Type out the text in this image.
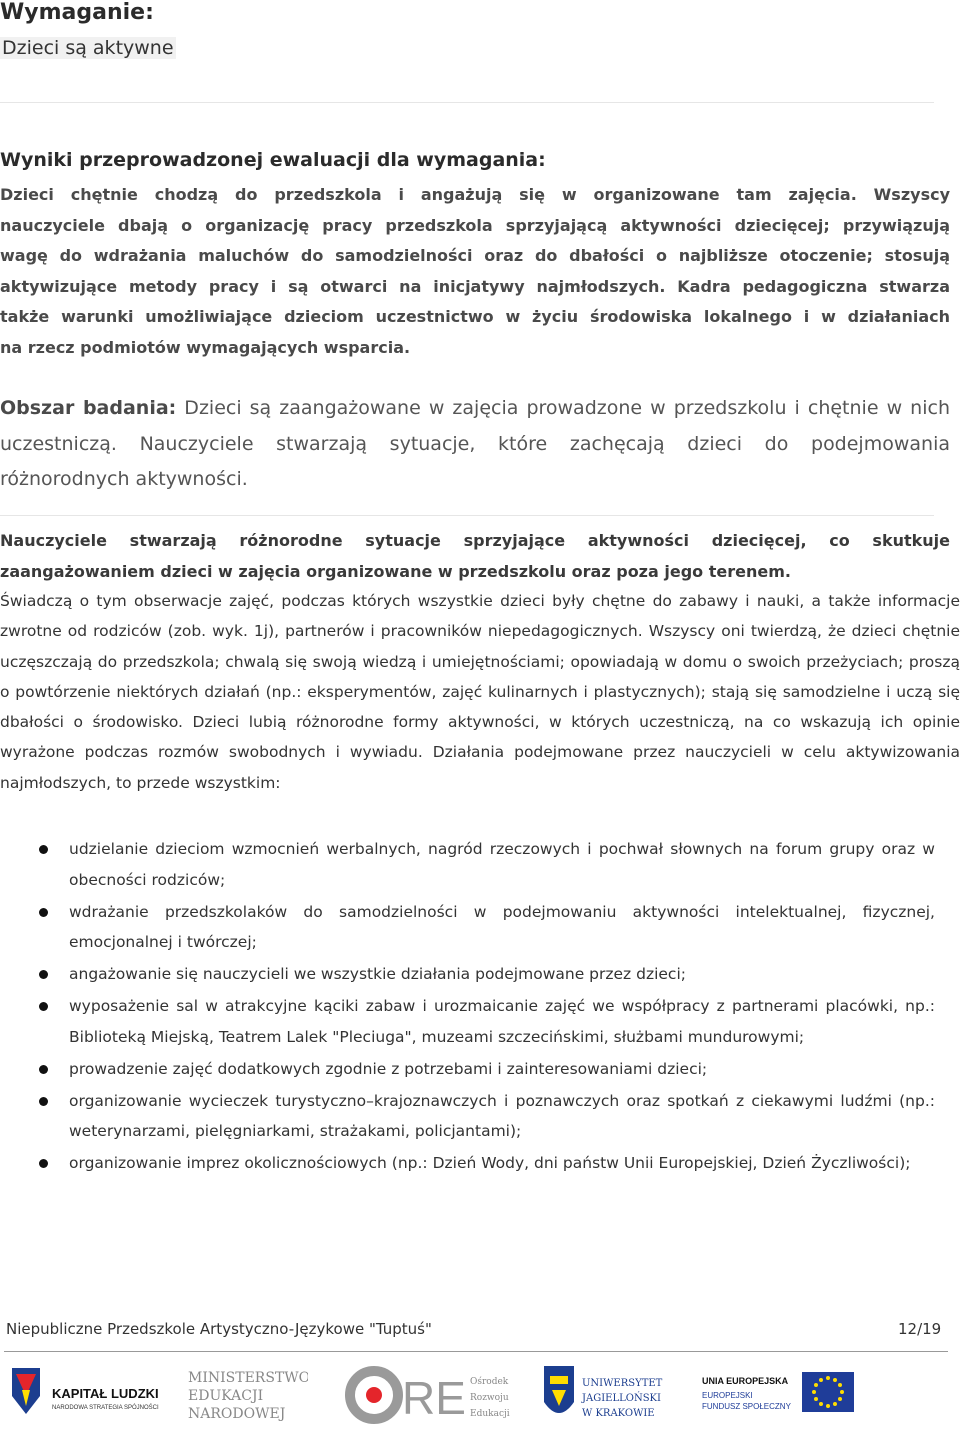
Wymaganie:
Dzieci są aktywne
Wyniki przeprowadzonej ewaluacji dla wymagania:
Dzieci chętnie chodzą do przedszkola i angażują się w organizowane tam zajęcia. Wszyscy
nauczyciele dbają o organizację pracy przedszkola sprzyjającą aktywności dziecięcej; przywiązują
wagę do wdrażania maluchów do samodzielności oraz do dbałości o najbliższe otoczenie; stosują
aktywizujące metody pracy i są otwarci na inicjatywy najmłodszych. Kadra pedagogiczna stwarza
także warunki umożliwiające dzieciom uczestnictwo w życiu środowiska lokalnego i w działaniach
na rzecz podmiotów wymagających wsparcia.
Obszar badania: Dzieci są zaangażowane w zajęcia prowadzone w przedszkolu i chętnie w nich uczestniczą. Nauczyciele stwarzają sytuacje, które zachęcają dzieci do podejmowania różnorodnych aktywności.
Nauczyciele stwarzają różnorodne sytuacje sprzyjające aktywności dziecięcej, co skutkuje zaangażowaniem dzieci w zajęcia organizowane w przedszkolu oraz poza jego terenem.
Świadczą o tym obserwacje zajęć, podczas których wszystkie dzieci były chętne do zabawy i nauki, a także informacje zwrotne od rodziców (zob. wyk. 1j), partnerów i pracowników niepedagogicznych. Wszyscy oni twierdzą, że dzieci chętnie uczęszczają do przedszkola; chwalą się swoją wiedzą i umiejętnościami; opowiadają w domu o swoich przeżyciach; proszą o powtórzenie niektórych działań (np.: eksperymentów, zajęć kulinarnych i plastycznych); stają się samodzielne i uczą się dbałości o środowisko. Dzieci lubią różnorodne formy aktywności, w których uczestniczą, na co wskazują ich opinie wyrażone podczas rozmów swobodnych i wywiadu. Działania podejmowane przez nauczycieli w celu aktywizowania najmłodszych, to przede wszystkim:
udzielanie dzieciom wzmocnień werbalnych, nagród rzeczowych i pochwał słownych na forum grupy oraz w obecności rodziców;
wdrażanie przedszkolaków do samodzielności w podejmowaniu aktywności intelektualnej, fizycznej, emocjonalnej i twórczej;
angażowanie się nauczycieli we wszystkie działania podejmowane przez dzieci;
wyposażenie sal w atrakcyjne kąciki zabaw i urozmaicanie zajęć we współpracy z partnerami placówki, np.: Biblioteką Miejską, Teatrem Lalek "Pleciuga", muzeami szczecińskimi, służbami mundurowymi;
prowadzenie zajęć dodatkowych zgodnie z potrzebami i zainteresowaniami dzieci;
organizowanie wycieczek turystyczno–krajoznawczych i poznawczych oraz spotkań z ciekawymi ludźmi (np.: weterynarzami, pielęgniarkami, strażakami, policjantami);
organizowanie imprez okolicznościowych (np.: Dzień Wody, dni państw Unii Europejskiej, Dzień Życzliwości);
Niepubliczne Przedszkole Artystyczno-Językowe "Tuptuś"	12/19
KAPITAŁ LUDZKI
NARODOWA STRATEGIA SPÓJNOŚCI
MINISTERSTWO
EDUKACJI
NARODOWEJ	RE Ośrodek
Rozwoju
Edukacji
UNIWERSYTET
JAGIELLOŃSKI
W KRAKOWIE
UNIA EUROPEJSKA
EUROPEJSKI
FUNDUSZ SPOŁECZNY
